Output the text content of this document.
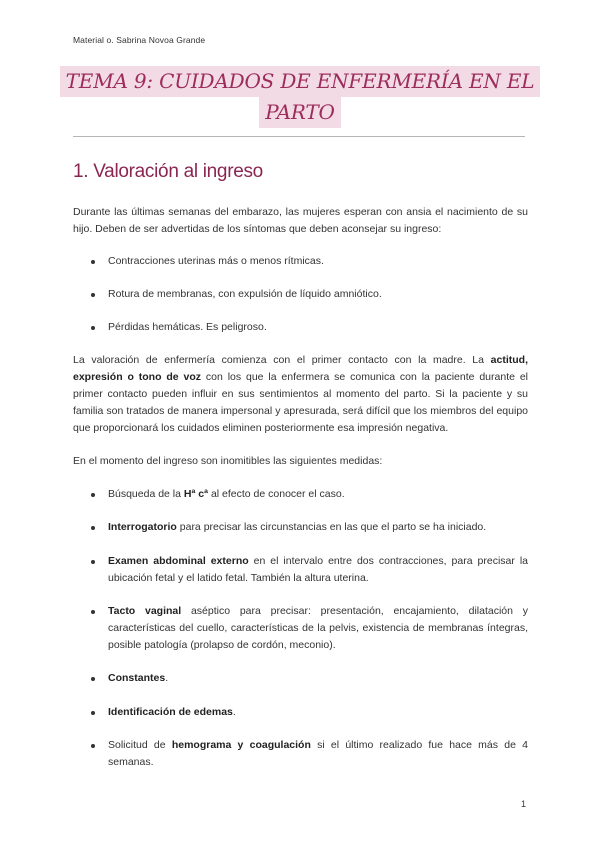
Material o. Sabrina Novoa Grande
TEMA 9: CUIDADOS DE ENFERMERÍA EN EL
PARTO
1. Valoración al ingreso
Durante las últimas semanas del embarazo, las mujeres esperan con ansia el nacimiento de su hijo. Deben de ser advertidas de los síntomas que deben aconsejar su ingreso:
Contracciones uterinas más o menos rítmicas.
Rotura de membranas, con expulsión de líquido amniótico.
Pérdidas hemáticas. Es peligroso.
La valoración de enfermería comienza con el primer contacto con la madre. La actitud, expresión o tono de voz con los que la enfermera se comunica con la paciente durante el primer contacto pueden influir en sus sentimientos al momento del parto. Si la paciente y su familia son tratados de manera impersonal y apresurada, será difícil que los miembros del equipo que proporcionará los cuidados eliminen posteriormente esa impresión negativa.
En el momento del ingreso son inomitibles las siguientes medidas:
Búsqueda de la Hª cª al efecto de conocer el caso.
Interrogatorio para precisar las circunstancias en las que el parto se ha iniciado.
Examen abdominal externo en el intervalo entre dos contracciones, para precisar la ubicación fetal y el latido fetal. También la altura uterina.
Tacto vaginal aséptico para precisar: presentación, encajamiento, dilatación y características del cuello, características de la pelvis, existencia de membranas íntegras, posible patología (prolapso de cordón, meconio).
Constantes.
Identificación de edemas.
Solicitud de hemograma y coagulación si el último realizado fue hace más de 4 semanas.
1
